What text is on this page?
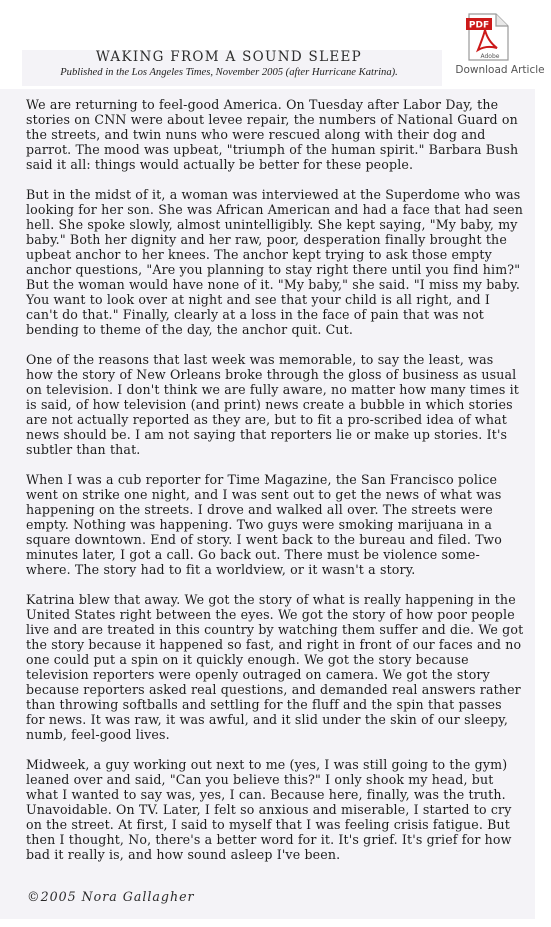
WAKING FROM A SOUND SLEEP
Published in the Los Angeles Times, November 2005 (after Hurricane Katrina).
PDF
Adobe
Download Article

We are returning to feel-good America. On Tuesday after Labor Day, the stories on CNN were about levee repair, the numbers of National Guard on the streets, and twin nuns who were rescued along with their dog and parrot. The mood was upbeat, "triumph of the human spirit." Barbara Bush said it all: things would actually be better for these people.

But in the midst of it, a woman was interviewed at the Superdome who was looking for her son. She was African American and had a face that had seen hell. She spoke slowly, almost unintelligibly. She kept saying, "My baby, my baby." Both her dignity and her raw, poor, desperation finally brought the upbeat anchor to her knees. The anchor kept trying to ask those empty anchor questions, "Are you planning to stay right there until you find him?" But the woman would have none of it. "My baby," she said. "I miss my baby. You want to look over at night and see that your child is all right, and I can't do that." Finally, clearly at a loss in the face of pain that was not bending to theme of the day, the anchor quit. Cut.

One of the reasons that last week was memorable, to say the least, was how the story of New Orleans broke through the gloss of business as usual on television. I don't think we are fully aware, no matter how many times it is said, of how television (and print) news create a bubble in which stories are not actually reported as they are, but to fit a pro-scribed idea of what news should be. I am not saying that reporters lie or make up stories. It's subtler than that.

When I was a cub reporter for Time Magazine, the San Francisco police went on strike one night, and I was sent out to get the news of what was happening on the streets. I drove and walked all over. The streets were empty. Nothing was happening. Two guys were smoking marijuana in a square downtown. End of story. I went back to the bureau and filed. Two minutes later, I got a call. Go back out. There must be violence some-where. The story had to fit a worldview, or it wasn't a story.

Katrina blew that away. We got the story of what is really happening in the United States right between the eyes. We got the story of how poor people live and are treated in this country by watching them suffer and die. We got the story because it happened so fast, and right in front of our faces and no one could put a spin on it quickly enough. We got the story because television reporters were openly outraged on camera. We got the story because reporters asked real questions, and demanded real answers rather than throwing softballs and settling for the fluff and the spin that passes for news. It was raw, it was awful, and it slid under the skin of our sleepy, numb, feel-good lives.

Midweek, a guy working out next to me (yes, I was still going to the gym) leaned over and said, "Can you believe this?" I only shook my head, but what I wanted to say was, yes, I can. Because here, finally, was the truth. Unavoidable. On TV. Later, I felt so anxious and miserable, I started to cry on the street. At first, I said to myself that I was feeling crisis fatigue. But then I thought, No, there's a better word for it. It's grief. It's grief for how bad it really is, and how sound asleep I've been.

©2005 Nora Gallagher
